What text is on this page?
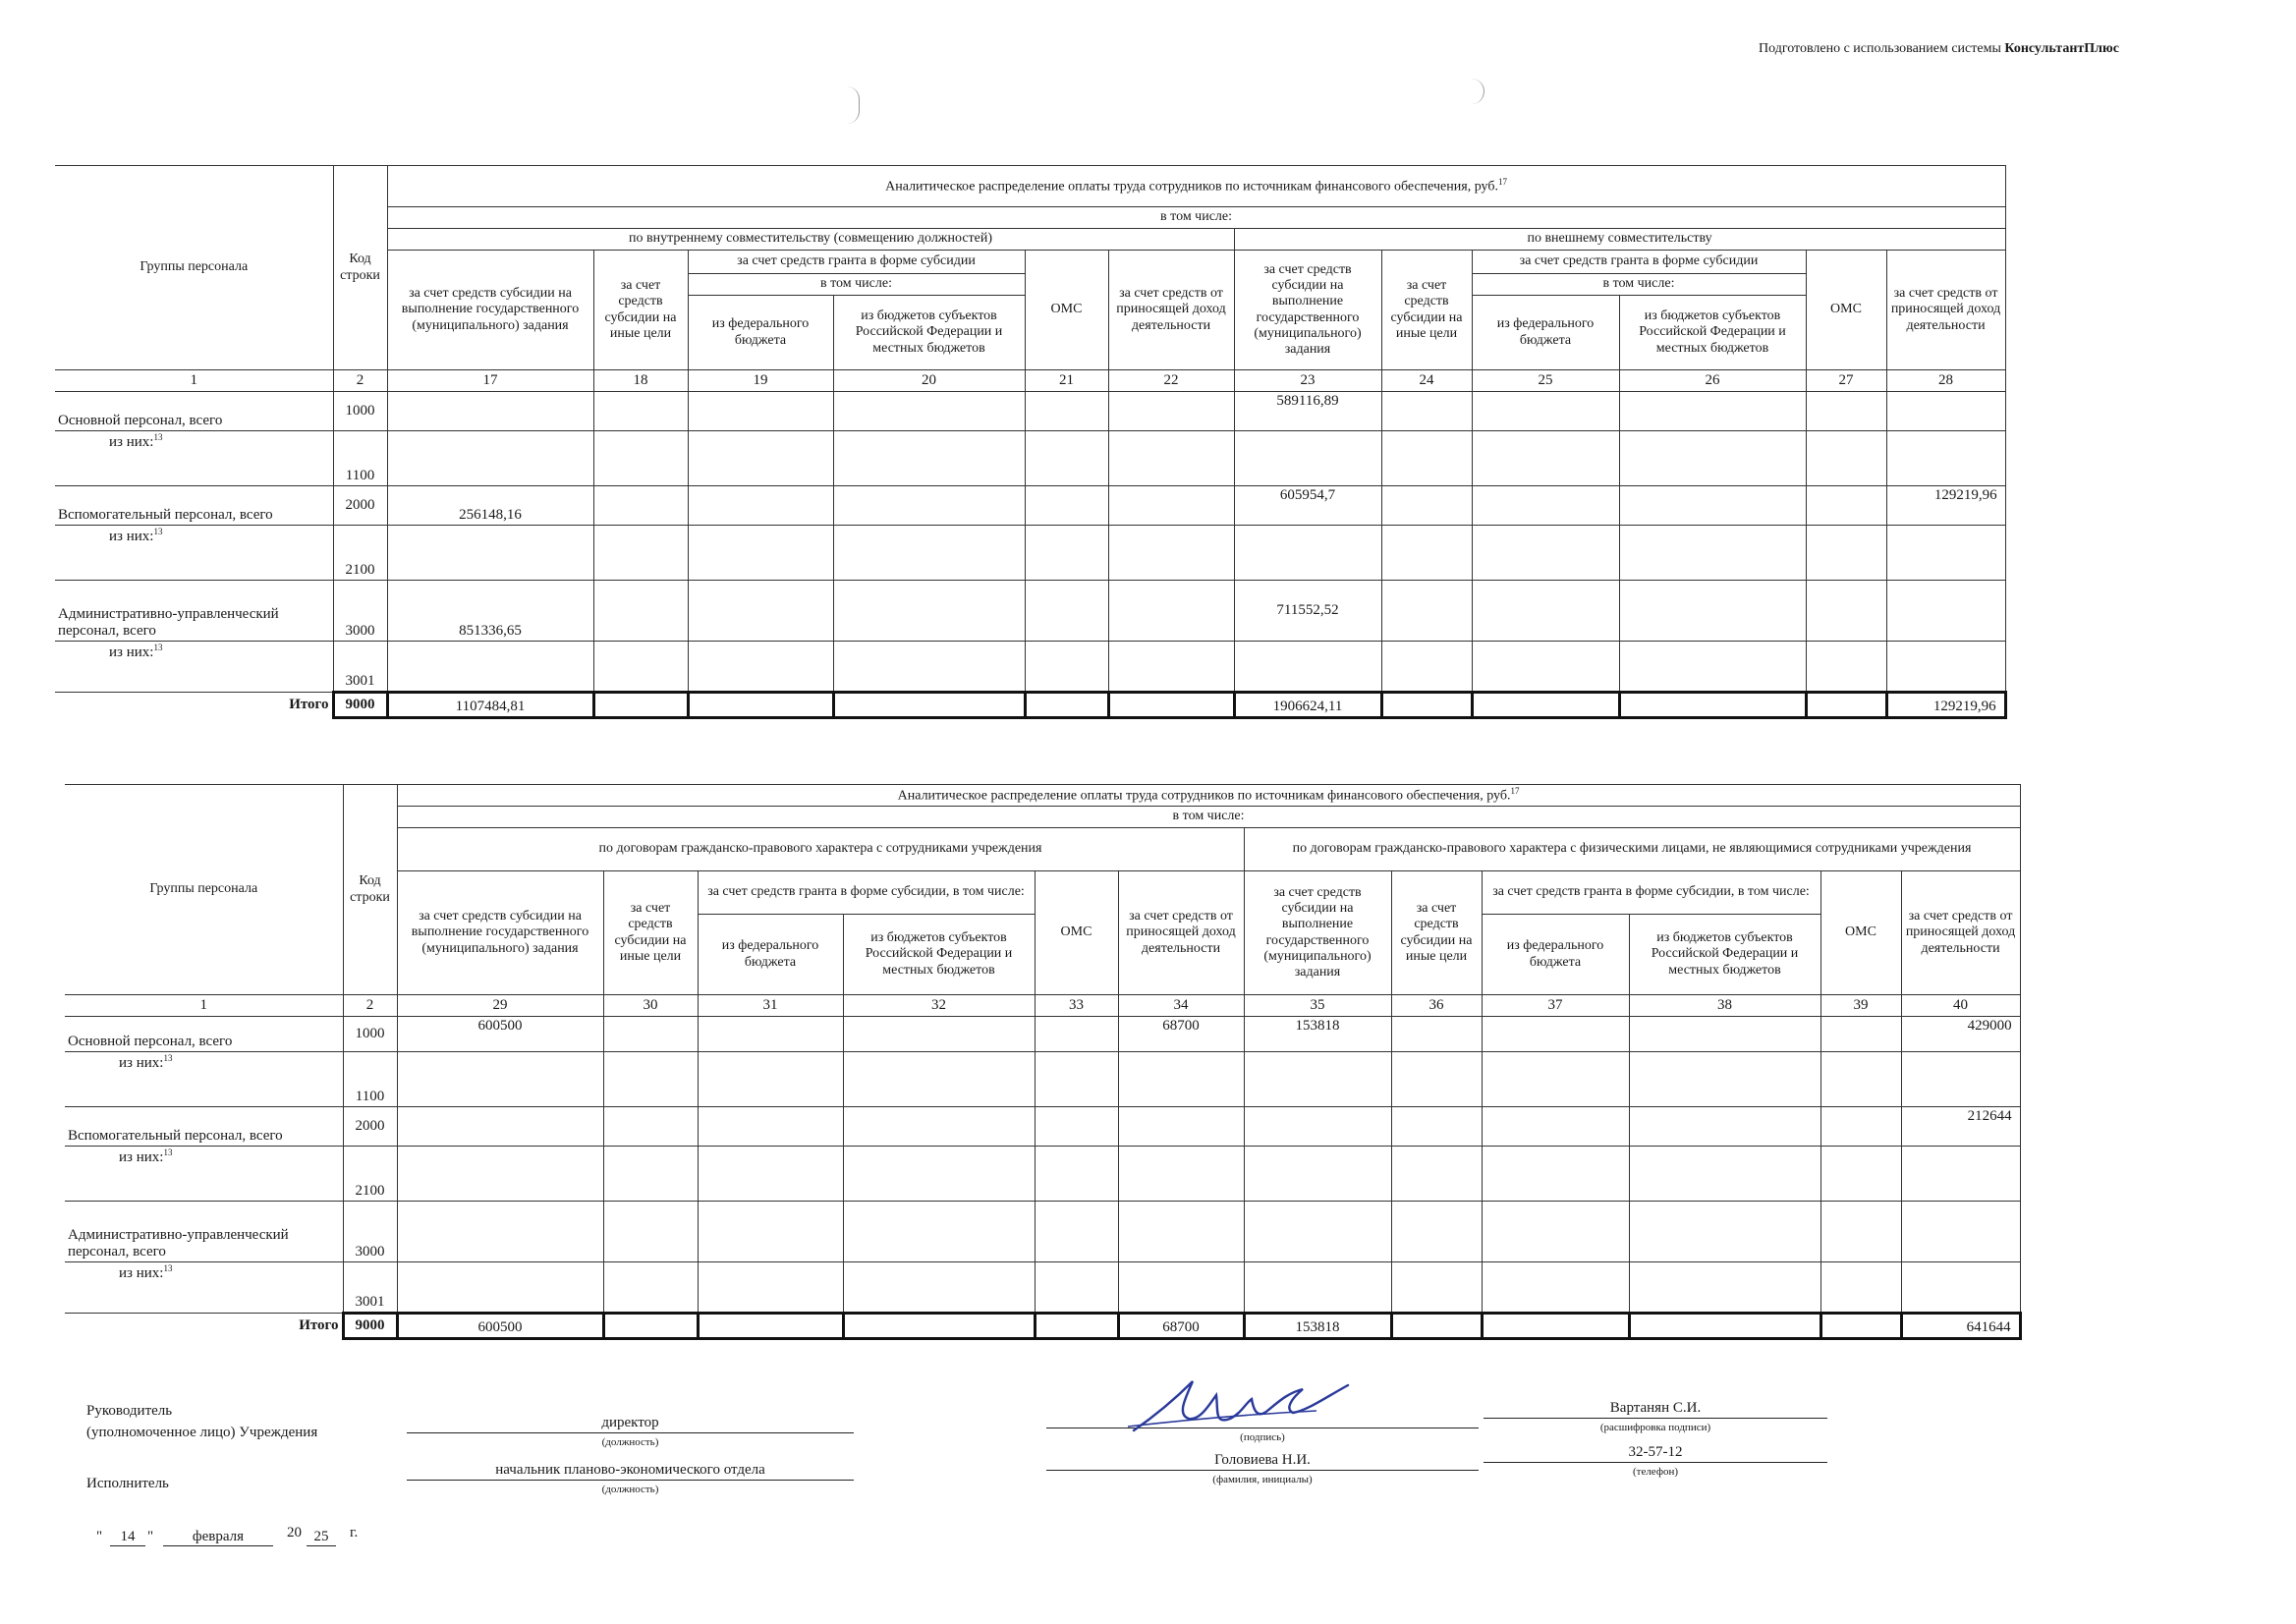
Подготовлено с использованием системы КонсультантПлюс
Группы персонала	Код строки	Аналитическое распределение оплаты труда сотрудников по источникам финансового обеспечения, руб.$^{17}$
		в том числе:											
		по внутреннему совместительству (совмещению должностей)						по внешнему совместительству					
		за счет средств субсидии на выполнение государственного (муниципального) задания	за счет средств субсидии на иные цели	за счет средств гранта в форме субсидии		ОМС	за счет средств от приносящей доход деятельности	за счет средств субсидии на выполнение государственного (муниципального) задания	за счет средств субсидии на иные цели	за счет средств гранта в форме субсидии		ОМС	за счет средств от приносящей доход деятельности
				в том числе:						в том числе:			
				из федерального бюджета	из бюджетов субъектов Российской Федерации и местных бюджетов					из федерального бюджета	из бюджетов субъектов Российской Федерации и местных бюджетов		
1	2	17	18	19	20	21	22	23	24	25	26	27	28
Основной персонал, всего	1000							589116,89					
из них:$^{13}$	1100												
Вспомогательный персонал, всего	2000	256148,16						605954,7					129219,96
из них:$^{13}$	2100												
Административно-управленческий персонал, всего	3000	851336,65						711552,52					
из них:$^{13}$	3001												
Итого	9000	1107484,81						1906624,11					129219,96
Группы персонала	Код строки	Аналитическое распределение оплаты труда сотрудников по источникам финансового обеспечения, руб.$^{17}$
		в том числе:											
		по договорам гражданско-правового характера с сотрудниками учреждения						по договорам гражданско-правового характера с физическими лицами, не являющимися сотрудниками учреждения					
		за счет средств субсидии на выполнение государственного (муниципального) задания	за счет средств субсидии на иные цели	за счет средств гранта в форме субсидии, в том числе:		ОМС	за счет средств от приносящей доход деятельности	за счет средств субсидии на выполнение государственного (муниципального) задания	за счет средств субсидии на иные цели	за счет средств гранта в форме субсидии, в том числе:		ОМС	за счет средств от приносящей доход деятельности
				из федерального бюджета	из бюджетов субъектов Российской Федерации и местных бюджетов					из федерального бюджета	из бюджетов субъектов Российской Федерации и местных бюджетов		

1	2	29	30	31	32	33	34	35	36	37	38	39	40
Основной персонал, всего	1000	600500					68700	153818					429000
из них:$^{13}$	1100												
Вспомогательный персонал, всего	2000												212644
из них:$^{13}$	2100												
Административно-управленческий персонал, всего	3000												
из них:$^{13}$	3001												
Итого	9000	600500					68700	153818					641644
Руководитель
(уполномоченное лицо) Учреждения
директор
(должность)	(подпись)
Вартанян С.И.
(расшифровка подписи)
Исполнитель
начальник планово-экономического отдела
(должность)
Головиева Н.И.
(фамилия, инициалы)
32-57-12
(телефон)
"	14 "	февраля	20 25	г.
